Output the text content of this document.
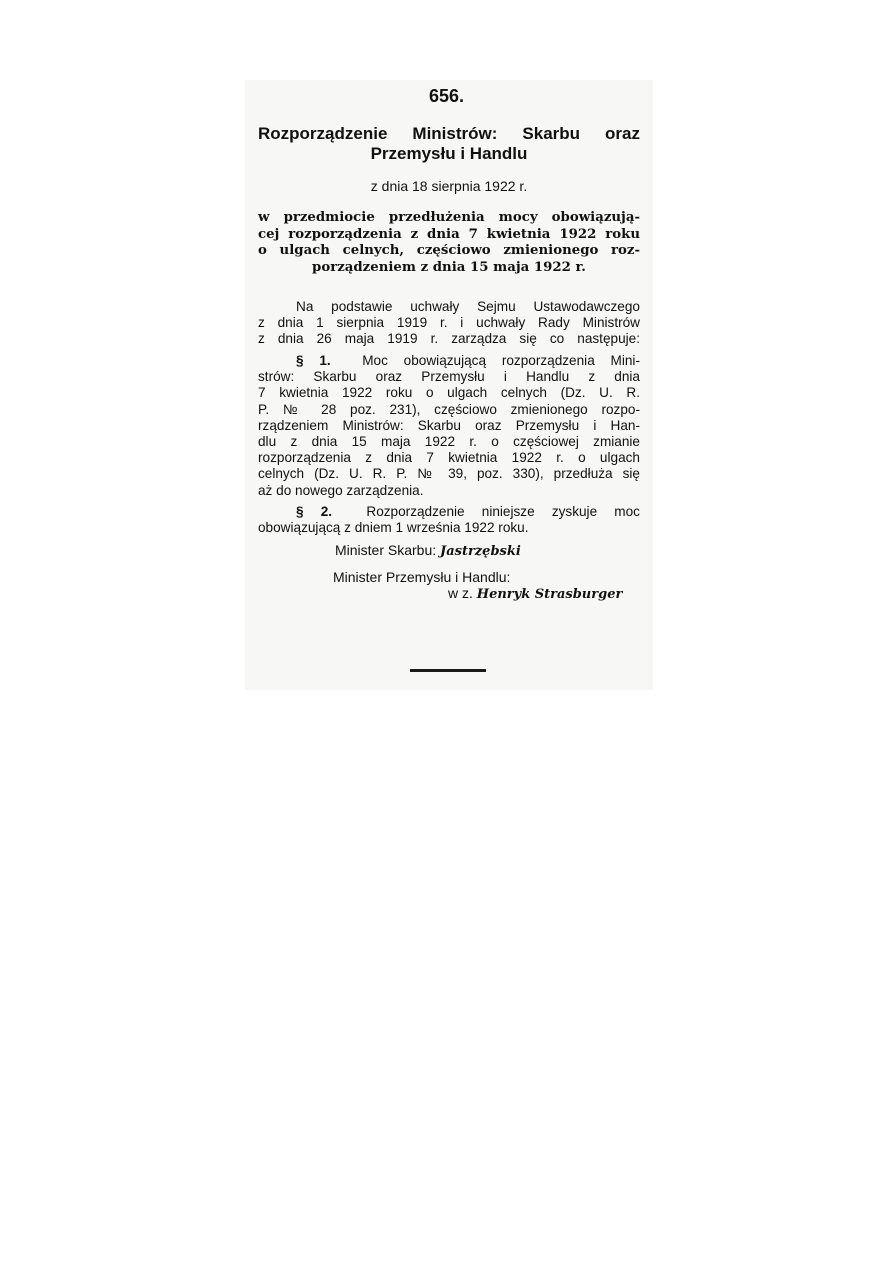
656.
Rozporządzenie Ministrów: Skarbu oraz
Przemysłu i Handlu
z dnia 18 sierpnia 1922 r.
w przedmiocie przedłużenia mocy obowiązują-
cej rozporządzenia z dnia 7 kwietnia 1922 roku
o ulgach celnych, częściowo zmienionego roz-
porządzeniem z dnia 15 maja 1922 r.
Na podstawie uchwały Sejmu Ustawodawczego
z dnia 1 sierpnia 1919 r. i uchwały Rady Ministrów
z dnia 26 maja 1919 r. zarządza się co następuje:
§ 1. Moc obowiązującą rozporządzenia Mini-
strów: Skarbu oraz Przemysłu i Handlu z dnia
7 kwietnia 1922 roku o ulgach celnych (Dz. U. R.
P. № 28 poz. 231), częściowo zmienionego rozpo-
rządzeniem Ministrów: Skarbu oraz Przemysłu i Han-
dlu z dnia 15 maja 1922 r. o częściowej zmianie
rozporządzenia z dnia 7 kwietnia 1922 r. o ulgach
celnych (Dz. U. R. P. № 39, poz. 330), przedłuża się
aż do nowego zarządzenia.
§ 2.	Rozporządzenie niniejsze zyskuje moc
obowiązującą z dniem 1 września 1922 roku.
Minister Skarbu: Jastrzębski
Minister Przemysłu i Handlu:
w z. Henryk Strasburger
